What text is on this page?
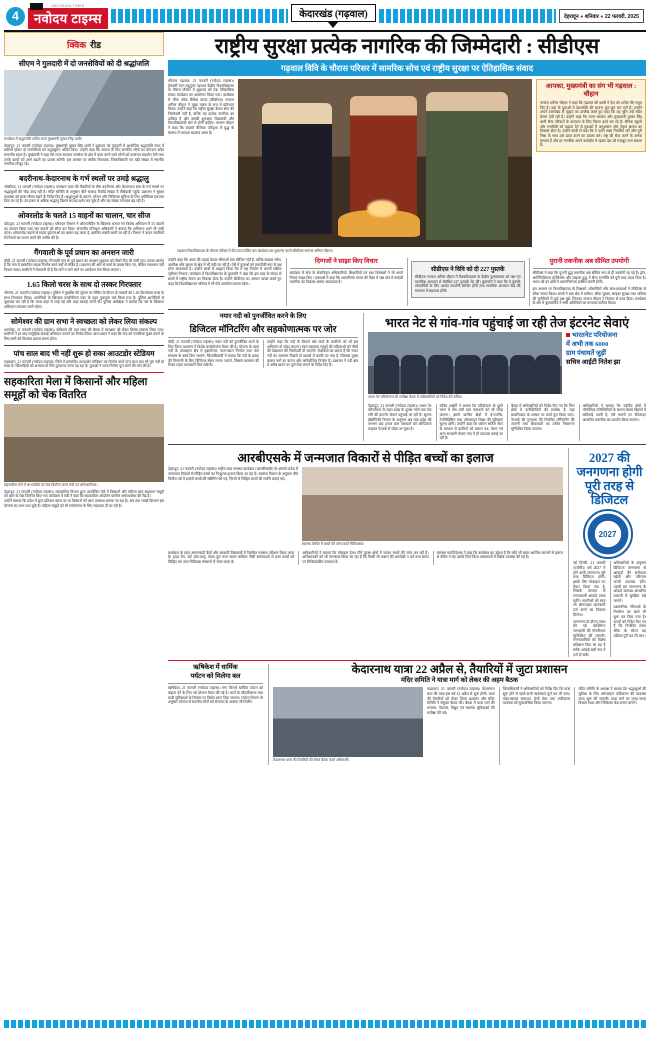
4
NAVODAYA TIMES
नवोदय टाइम्स	केदारखंड (गढ़वाल)	देहरादून ● शनिवार ● 22 फरवरी, 2025
क्विक रीड
सीएम ने गुलदारी में दो जनसेवियों को दी श्रद्धांजलि
कार्यक्रम में श्रद्धांजलि अर्पित करते मुख्यमंत्री पुष्कर सिंह धामी।
देहरादून, 21 फरवरी (नवोदय टाइम्स)। मुख्यमंत्री पुष्कर सिंह धामी ने शुक्रवार को गुलदारी में आयोजित श्रद्धांजलि सभा में शामिल होकर दो जनसेवियों को श्रद्धासुमन अर्पित किए। उन्होंने कहा कि समाज के लिए समर्पित लोगों का योगदान सदैव स्मरणीय रहता है। मुख्यमंत्री ने कहा कि राज्य सरकार जनसेवा के क्षेत्र में काम करने वाले लोगों को हरसंभव सहयोग देगी तथा उनके कार्यों को आगे बढ़ाने का प्रयास करेगी। इस अवसर पर क्षेत्रीय विधायक, जिलाधिकारी एवं बड़ी संख्या में स्थानीय नागरिक मौजूद रहे।
बदरीनाथ-केदारनाथ के गर्भ स्थलों पर उमड़े श्रद्धालु
जोशीमठ, 21 फरवरी (नवोदय टाइम्स)। चारधाम यात्रा की तैयारियों के बीच बदरीनाथ और केदारनाथ धाम के गर्भ स्थलों पर श्रद्धालुओं की भीड़ उमड़ रही है। मंदिर समिति के अनुसार बीते सप्ताह रिकॉर्ड संख्या में तीर्थयात्री पहुंचे। प्रशासन ने सुरक्षा व्यवस्था को चाक-चौबंद रखने के निर्देश दिए हैं। श्रद्धालुओं के ठहरने, भोजन और चिकित्सा सुविधा के लिए अतिरिक्त इंतजाम किए जा रहे हैं। 20 हजार से अधिक श्रद्धालु पिछले सप्ताह दर्शन कर चुके हैं और यह संख्या लगातार बढ़ रही है।
ओवरलोड के चलते 15 वाहनों का चालान, चार सीज
कोटद्वार, 21 फरवरी (नवोदय टाइम्स)। परिवहन विभाग ने ओवरलोडिंग के खिलाफ चलाए गए विशेष अभियान में 15 वाहनों का चालान किया तथा चार वाहनों को सीज कर दिया। संभागीय परिवहन अधिकारी ने बताया कि अभियान आगे भी जारी रहेगा। ओवरलोड वाहनों से सड़क दुर्घटनाओं का खतरा बढ़ जाता है, इसलिए सख्ती बरती जा रही है। विभाग ने वाहन स्वामियों से नियमों का पालन करने की अपील की है।
गैंगवाली के पूर्व प्रधान का अनशन जारी
पौड़ी, 21 फरवरी (नवोदय टाइम्स)। गैंगवाली गांव के पूर्व प्रधान का अनशन शुक्रवार को तीसरे दिन भी जारी रहा। उनका आरोप है कि गांव में प्रस्तावित सड़क निर्माण कार्य वर्षों से लंबित है। प्रशासन की ओर से वार्ता के प्रयास किए गए, लेकिन समाधान नहीं निकल सका। ग्रामीणों ने चेतावनी दी है कि मांगें न माने जाने पर आंदोलन तेज किया जाएगा।
1.65 किलो चरस के साथ दो तस्कर गिरफ्तार
श्रीनगर, 21 फरवरी (नवोदय टाइम्स)। पुलिस ने मुखबिर की सूचना पर चेकिंग के दौरान दो तस्करों को 1.65 किलोग्राम चरस के साथ गिरफ्तार किया। आरोपियों के खिलाफ एनडीपीएस एक्ट के तहत मुकदमा दर्ज किया गया है। पुलिस आरोपियों से पूछताछ कर रही है कि चरस कहां से लाई गई और कहां खपाई जानी थी। पुलिस अधीक्षक ने बताया कि नशे के खिलाफ अभियान लगातार जारी रहेगा।
सोमेश्वर की ग्राम सभा ने स्वच्छता को लेकर लिया संकल्प
अल्मोड़ा, 21 फरवरी (नवोदय टाइम्स)। सोमेश्वर की ग्राम सभा की बैठक में स्वच्छता को लेकर विशेष संकल्प लिया गया। ग्रामीणों ने हर माह सामूहिक सफाई अभियान चलाने का निर्णय लिया। ग्राम प्रधान ने कहा कि गांव को प्लास्टिक मुक्त बनाने के लिए सभी को मिलकर प्रयास करना होगा।
पांच साल बाद भी नहीं शुरू हो सका आउटडोर स्टेडियम
रुद्रप्रयाग, 21 फरवरी (नवोदय टाइम्स)। जिले में प्रस्तावित आउटडोर स्टेडियम का निर्माण कार्य पांच साल बाद भी पूरा नहीं हो सका है। खिलाड़ियों को अभ्यास के लिए दूरदराज जाना पड़ रहा है। युवाओं ने जल्द निर्माण पूरा करने की मांग की है।
सहकारिता मेला में किसानों और महिला समूहों को चेक वितरित
सहकारिता मेले में लाभार्थियों को चेक वितरित करते मंत्री एवं अधिकारीगण।
देहरादून, 21 फरवरी (नवोदय टाइम्स)। सहकारिता विभाग द्वारा आयोजित मेले में किसानों और महिला स्वयं सहायता समूहों को ऋण के चेक वितरित किए गए। कार्यक्रम में मंत्री ने कहा कि सहकारिता आंदोलन ग्रामीण अर्थव्यवस्था की रीढ़ है।
उन्होंने बताया कि प्रदेश में शून्य प्रतिशत ब्याज दर पर किसानों को ऋण उपलब्ध कराया जा रहा है। अब तक लाखों किसान इस योजना का लाभ उठा चुके हैं। महिला समूहों को भी स्वरोजगार के लिए सहायता दी जा रही है।
राष्ट्रीय सुरक्षा प्रत्येक नागरिक की जिम्मेदारी : सीडीएस
गढ़वाल विवि के चौरास परिसर में सामरिक सोच एवं राष्ट्रीय सुरक्षा पर ऐतिहासिक संवाद
श्रीनगर गढ़वाल, 21 फरवरी (नवोदय टाइम्स)। हेमवती नंदन बहुगुणा गढ़वाल केंद्रीय विश्वविद्यालय के चौरास परिसर में शुक्रवार को एक ऐतिहासिक संवाद कार्यक्रम का आयोजन किया गया। कार्यक्रम में चीफ ऑफ डिफेंस स्टाफ (सीडीएस) जनरल अनिल चौहान ने मुख्य वक्ता के रूप में प्रतिभाग किया। उन्होंने कहा कि राष्ट्रीय सुरक्षा केवल सेना की जिम्मेदारी नहीं है, बल्कि यह प्रत्येक नागरिक का दायित्व है और इसकी शुरुआत विद्यालयी और विश्वविद्यालयी स्तर से होनी चाहिए। जनरल चौहान ने कहा कि बदलते वैश्विक परिदृश्य में युद्ध के स्वरूप में व्यापक बदलाव आया है।
आपका, मुख्यमंत्री का संग भी गढ़वाल : चौहान
जनरल अनिल चौहान ने कहा कि गढ़वाल की धरती ने देश को अनेक वीर सपूत दिए हैं। यहां के युवाओं में देशभक्ति की भावना कूट-कूट कर भरी है। उन्होंने अपने उत्तराखंड से जुड़ाव का उल्लेख करते हुए कहा कि यह भूमि उन्हें सदैव प्रेरणा देती रही है। उन्होंने कहा कि राज्य सरकार और मुख्यमंत्री पुष्कर सिंह धामी सैन्य परिवारों के कल्याण के लिए निरंतर कार्य कर रहे हैं। सैनिक स्कूलों और एनसीसी को बढ़ावा देने से युवाओं में अनुशासन और नेतृत्व क्षमता का विकास होता है। उन्होंने छात्रों से कहा कि वे अपने लक्ष्य निर्धारित करें और पूरी निष्ठा के साथ उसे प्राप्त करने का प्रयास करें। राष्ट्र की सेवा करने के अनेक माध्यम हैं और हर नागरिक अपने कार्यक्षेत्र में रहकर देश को मजबूत बना सकता है।
गढ़वाल विश्वविद्यालय के चौरास परिसर में दीप प्रज्ज्वलित कर कार्यक्रम का शुभारंभ करते सीडीएस जनरल अनिल चौहान।
उन्होंने कहा कि आज की लड़ाई केवल सीमाओं तक सीमित नहीं है, बल्कि साइबर स्पेस, अंतरिक्ष और सूचना के क्षेत्र में भी लड़ी जा रही है। ऐसे में युवाओं को तकनीकी रूप से दक्ष होना आवश्यक है। उन्होंने छात्रों से आह्वान किया कि वे राष्ट्र निर्माण में अपनी सक्रिय भूमिका निभाएं। कार्यक्रम में विश्वविद्यालय के कुलपति ने कहा कि इस तरह के संवाद से छात्रों में राष्ट्रीय चेतना का विकास होता है। उन्होंने सीडीएस का आभार व्यक्त करते हुए कहा कि विश्वविद्यालय भविष्य में भी ऐसे आयोजन करता रहेगा।
दिग्गजों ने साझा किए विचार
कार्यक्रम में सेना के सेवानिवृत्त अधिकारियों, शिक्षाविदों एवं रक्षा विशेषज्ञों ने भी अपने विचार साझा किए। वक्ताओं ने कहा कि आत्मनिर्भर भारत की दिशा में रक्षा क्षेत्र में स्वदेशी तकनीक का विकास अत्यंत आवश्यक है।
सीडीएस ने विवि को दी 227 पुस्तकें
सीडीएस जनरल अनिल चौहान ने विश्वविद्यालय के केंद्रीय पुस्तकालय को रक्षा एवं सामरिक अध्ययन से संबंधित 227 पुस्तकें भेंट कीं। कुलपति ने कहा कि ये पुस्तकें शोधार्थियों के लिए अत्यंत उपयोगी साबित होंगी तथा सामरिक अध्ययन केंद्र की स्थापना में सहायक होंगी।
पुरानी तकनीक अब सीमित उपयोगी
सीडीएस ने कहा कि पुरानी युद्ध तकनीक अब सीमित रूप से ही उपयोगी रह गई है। ड्रोन, आर्टिफिशियल इंटेलिजेंस और साइबर युद्ध ने सैन्य रणनीति को पूरी तरह बदल दिया है। भारत को इन क्षेत्रों में आत्मनिर्भरता हासिल करनी होगी।
इस अवसर पर विश्वविद्यालय के शिक्षकों, शोधार्थियों और छात्र-छात्राओं ने सीडीएस से सीधा संवाद किया। छात्रों ने रक्षा क्षेत्र में करियर, सीमा सुरक्षा, साइबर सुरक्षा तथा भविष्य की चुनौतियों से जुड़े प्रश्न पूछे, जिनका जनरल चौहान ने विस्तार से उत्तर दिया। कार्यक्रम के अंत में कुलसचिव ने सभी अतिथियों का धन्यवाद ज्ञापित किया।
नयार नदी को पुनर्जीवित करने के लिए
डिजिटल मॉनिटरिंग और सहकोणात्मक पर जोर
पौड़ी, 21 फरवरी (नवोदय टाइम्स)। नयार नदी को पुनर्जीवित करने के लिए जिला प्रशासन ने विशेष कार्ययोजना तैयार की है। योजना के तहत नदी के जलग्रहण क्षेत्र में वृक्षारोपण, चाल-खाल निर्माण तथा जल संरक्षण के कार्य किए जाएंगे। जिलाधिकारी ने बताया कि नदी के प्रवाह की निगरानी के लिए डिजिटल सेंसर लगाए जाएंगे, जिससे जलस्तर की रियल टाइम जानकारी मिल सकेगी।
उन्होंने कहा कि नदी के किनारे बसे गांवों के ग्रामीणों को भी इस अभियान से जोड़ा जाएगा। स्वयं सहायता समूहों की महिलाओं को पौधों की देखभाल की जिम्मेदारी दी जाएगी। विशेषज्ञों का कहना है कि नयार नदी का जलस्तर पिछले दो दशकों में काफी घट गया है, जिसका मुख्य कारण वनों का कटान और अनियोजित निर्माण है। प्रशासन ने नदी क्षेत्र में अवैध खनन पर पूर्ण रोक लगाने के निर्देश दिए हैं।
भारत नेट से गांव-गांव पहुंचाई जा रही तेज इंटरनेट सेवाएं
भारत नेट परियोजना की समीक्षा बैठक में अधिकारियों को निर्देश देते सचिव।
भारतनेट परियोजना
में अभी तक 6000
ग्राम पंचायतें जुड़ीं
सचिव आईटी नितेश झा
देहरादून, 21 फरवरी (नवोदय टाइम्स)। भारत नेट परियोजना के तहत प्रदेश के दूरस्थ गांवों तक तेज गति की इंटरनेट सेवाएं पहुंचाई जा रही हैं। सूचना प्रौद्योगिकी विभाग के अनुसार अब तक प्रदेश की लगभग छह हजार ग्राम पंचायतों को ऑप्टिकल फाइबर नेटवर्क से जोड़ा जा चुका है।
सचिव आईटी ने बताया कि परियोजना के दूसरे चरण में शेष बची ग्राम पंचायतों को भी जोड़ा जाएगा। इससे ग्रामीण क्षेत्रों में ई-गवर्नेंस, टेलीमेडिसिन तथा ऑनलाइन शिक्षा की सुविधाएं सुलभ होंगी। उन्होंने कहा कि कॉमन सर्विस सेंटर के माध्यम से ग्रामीणों को प्रमाण पत्र, पेंशन एवं अन्य सरकारी सेवाएं गांव में ही उपलब्ध कराई जा रही हैं।
बैठक में अधिकारियों को निर्देश दिए गए कि जिन क्षेत्रों में कनेक्टिविटी की समस्या है, वहां प्राथमिकता के आधार पर कार्य पूरा किया जाए। नेटवर्क की गुणवत्ता की नियमित मॉनिटरिंग की जाएगी तथा शिकायतों का त्वरित निस्तारण सुनिश्चित किया जाएगा।
अधिकारियों ने बताया कि पर्वतीय क्षेत्रों में भौगोलिक परिस्थितियों के कारण केबल बिछाने में कठिनाई आती है, ऐसे स्थानों पर सैटेलाइट आधारित तकनीक का उपयोग किया जाएगा।
आरबीएसके में जन्मजात विकारों से पीड़ित बच्चों का इलाज
देहरादून, 21 फरवरी (नवोदय टाइम्स)। राष्ट्रीय बाल स्वास्थ्य कार्यक्रम (आरबीएसके) के अंतर्गत प्रदेश में जन्मजात विकारों से पीड़ित बच्चों का निःशुल्क इलाज किया जा रहा है। स्वास्थ्य विभाग के अनुसार बीते वित्तीय वर्ष में हजारों बच्चों की स्क्रीनिंग की गई, जिनमें से चिह्नित बच्चों की सर्जरी कराई गई।
स्वास्थ्य शिविर में बच्चों की जांच करते चिकित्सक।
कार्यक्रम के तहत आंगनबाड़ी केंद्रों और सरकारी विद्यालयों में नियमित स्वास्थ्य परीक्षण किया जाता है। हृदय रोग, कटे होंठ-तालू, क्लब फुट तथा श्रवण बाधिता जैसी समस्याओं से ग्रस्त बच्चों को चिह्नित कर उच्च चिकित्सा संस्थानों में भेजा जाता है।
अधिकारियों ने बताया कि मोबाइल हेल्थ टीमें दूरस्थ क्षेत्रों में जाकर बच्चों की जांच कर रही हैं। अभिभावकों को भी जागरूक किया जा रहा है कि किसी भी लक्षण की अनदेखी न करें तथा समय पर चिकित्सकीय परामर्श लें।
स्वास्थ्य महानिदेशक ने कहा कि कार्यक्रम का उद्देश्य है कि कोई भी बच्चा आर्थिक कारणों से इलाज से वंचित न रहे। इसके लिए जिला अस्पतालों में विशेष व्यवस्था की गई है।
2027 की जनगणना होगी पूरी तरह से डिजिटल
2027
नई दिल्ली, 21 फरवरी (एजेंसी)। वर्ष 2027 में होने वाली जनगणना पूरी तरह डिजिटल होगी। इसके लिए मोबाइल एप तैयार किया गया है, जिसके माध्यम से गणनाकर्मी आंकड़े एकत्र करेंगे। नागरिकों को स्वयं भी ऑनलाइन जानकारी दर्ज करने का विकल्प मिलेगा।
जनगणना के दौरान एकत्र की गई व्यक्तिगत जानकारी की गोपनीयता सुनिश्चित की जाएगी। गणनाकर्मियों को विशेष प्रशिक्षण दिया जा रहा है ताकि आंकड़े सही रूप में दर्ज हो सकें।
अधिकारियों के अनुसार डिजिटल जनगणना से आंकड़ों की सटीकता बढ़ेगी और परिणाम जल्दी उपलब्ध होंगे। पहली बार जनगणना के आंकड़े क्लाउड आधारित प्रणाली में सुरक्षित रखे जाएंगे।
प्रशासनिक सीमाओं के निर्धारण का कार्य भी शुरू कर दिया गया है। राज्यों को निर्देश दिए गए हैं कि निर्धारित समय सीमा के भीतर यह प्रक्रिया पूरी कर ली जाए।
ऋषिकेश में धार्मिक
पर्यटन को मिलेगा बल
ऋषिकेश, 21 फरवरी (नवोदय टाइम्स)। गंगा किनारे धार्मिक पर्यटन को बढ़ावा देने के लिए नई योजना तैयार की गई है। घाटों के सौंदर्यीकरण तथा यात्री सुविधाओं के विस्तार पर विशेष ध्यान दिया जाएगा। पर्यटन विभाग के अनुसार योजना से स्थानीय लोगों को रोजगार के अवसर भी मिलेंगे।
केदारनाथ यात्रा 22 अप्रैल से, तैयारियों में जुटा प्रशासन
मंदिर समिति ने यात्रा मार्ग को लेकर की अहम बैठक
केदारनाथ यात्रा की तैयारियों को लेकर बैठक करते अधिकारी।
रुद्रप्रयाग, 21 फरवरी (नवोदय टाइम्स)। केदारनाथ धाम की यात्रा इस वर्ष 22 अप्रैल से शुरू होगी। यात्रा की तैयारियों को लेकर जिला प्रशासन और मंदिर समिति ने संयुक्त बैठक की। बैठक में यात्रा मार्ग की मरम्मत, पेयजल, विद्युत एवं स्वास्थ्य सुविधाओं की समीक्षा की गई।
जिलाधिकारी ने अधिकारियों को निर्देश दिए कि यात्रा शुरू होने से पहले सभी व्यवस्थाएं पूर्ण कर ली जाएं। घोड़ा-खच्चर संचालन, हेली सेवा तथा पंजीकरण व्यवस्था को सुव्यवस्थित किया जाएगा।
मंदिर समिति के अध्यक्ष ने बताया कि श्रद्धालुओं की सुविधा के लिए ऑनलाइन पंजीकरण की व्यवस्था जल्द शुरू की जाएगी। यात्रा मार्ग पर जगह-जगह विश्राम स्थल और चिकित्सा केंद्र बनाए जाएंगे।
